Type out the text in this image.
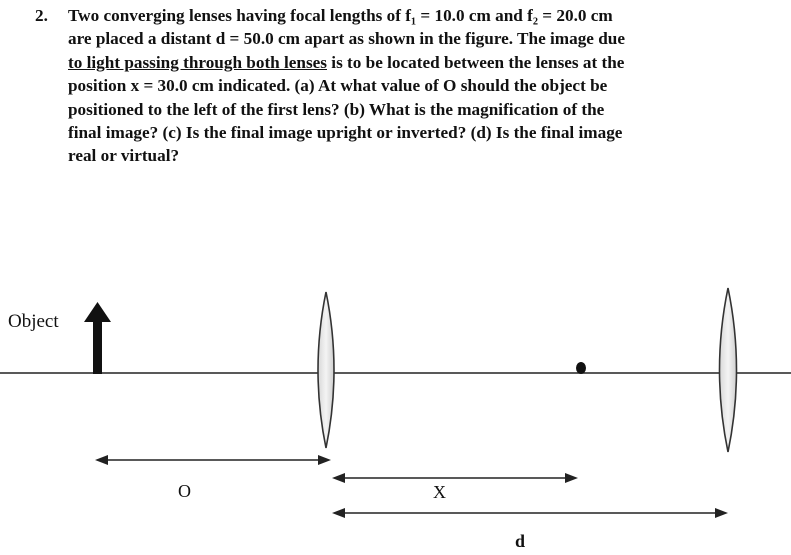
2. Two converging lenses having focal lengths of f₁ = 10.0 cm and f₂ = 20.0 cm
are placed a distant d = 50.0 cm apart as shown in the figure. The image due
to light passing through both lenses is to be located between the lenses at the
position x = 30.0 cm indicated. (a) At what value of O should the object be
positioned to the left of the first lens? (b) What is the magnification of the
final image? (c) Is the final image upright or inverted? (d) Is the final image
real or virtual?
Object
O	X
d
